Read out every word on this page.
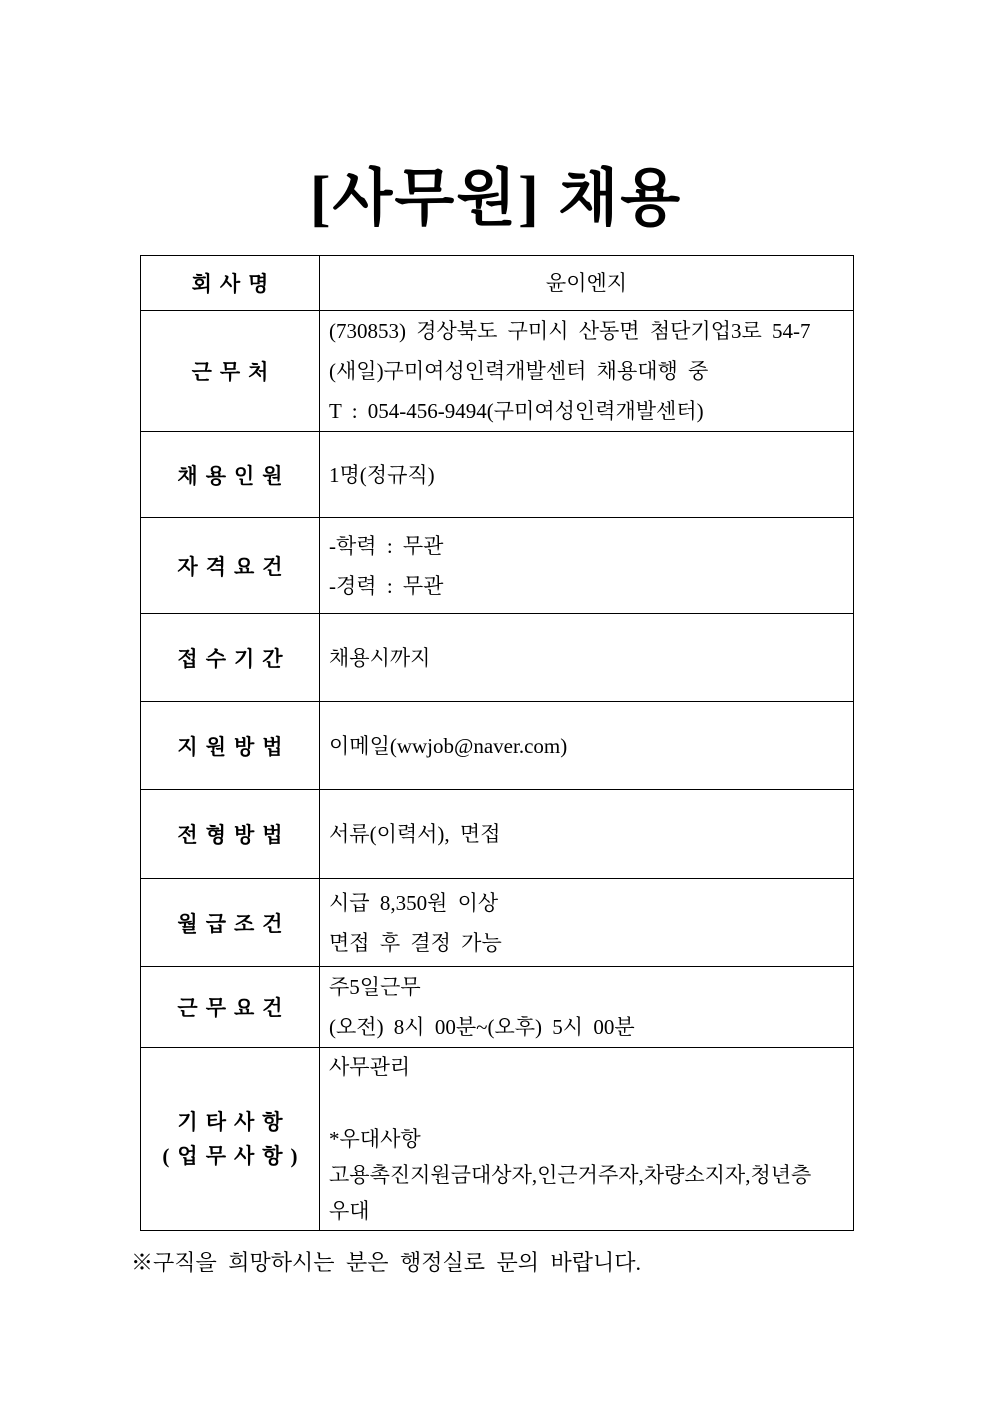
[사무원] 채용
회사명	윤이엔지

근무처	(730853) 경상북도 구미시 산동면 첨단기업3로 54-7
(새일)구미여성인력개발센터 채용대행 중
T : 054-456-9494(구미여성인력개발센터)

채용인원	1명(정규직)

자격요건	-학력 : 무관
-경력 : 무관

접수기간	채용시까지

지원방법	이메일(wwjob@naver.com)

전형방법	서류(이력서), 면접

월급조건	시급 8,350원 이상
면접 후 결정 가능

근무요건	주5일근무
(오전) 8시 00분~(오후) 5시 00분

기타사항
(업무사항)

사무관리
*우대사항
고용촉진지원금대상자,인근거주자,차량소지자,청년층
우대
※구직을 희망하시는 분은 행정실로 문의 바랍니다.
